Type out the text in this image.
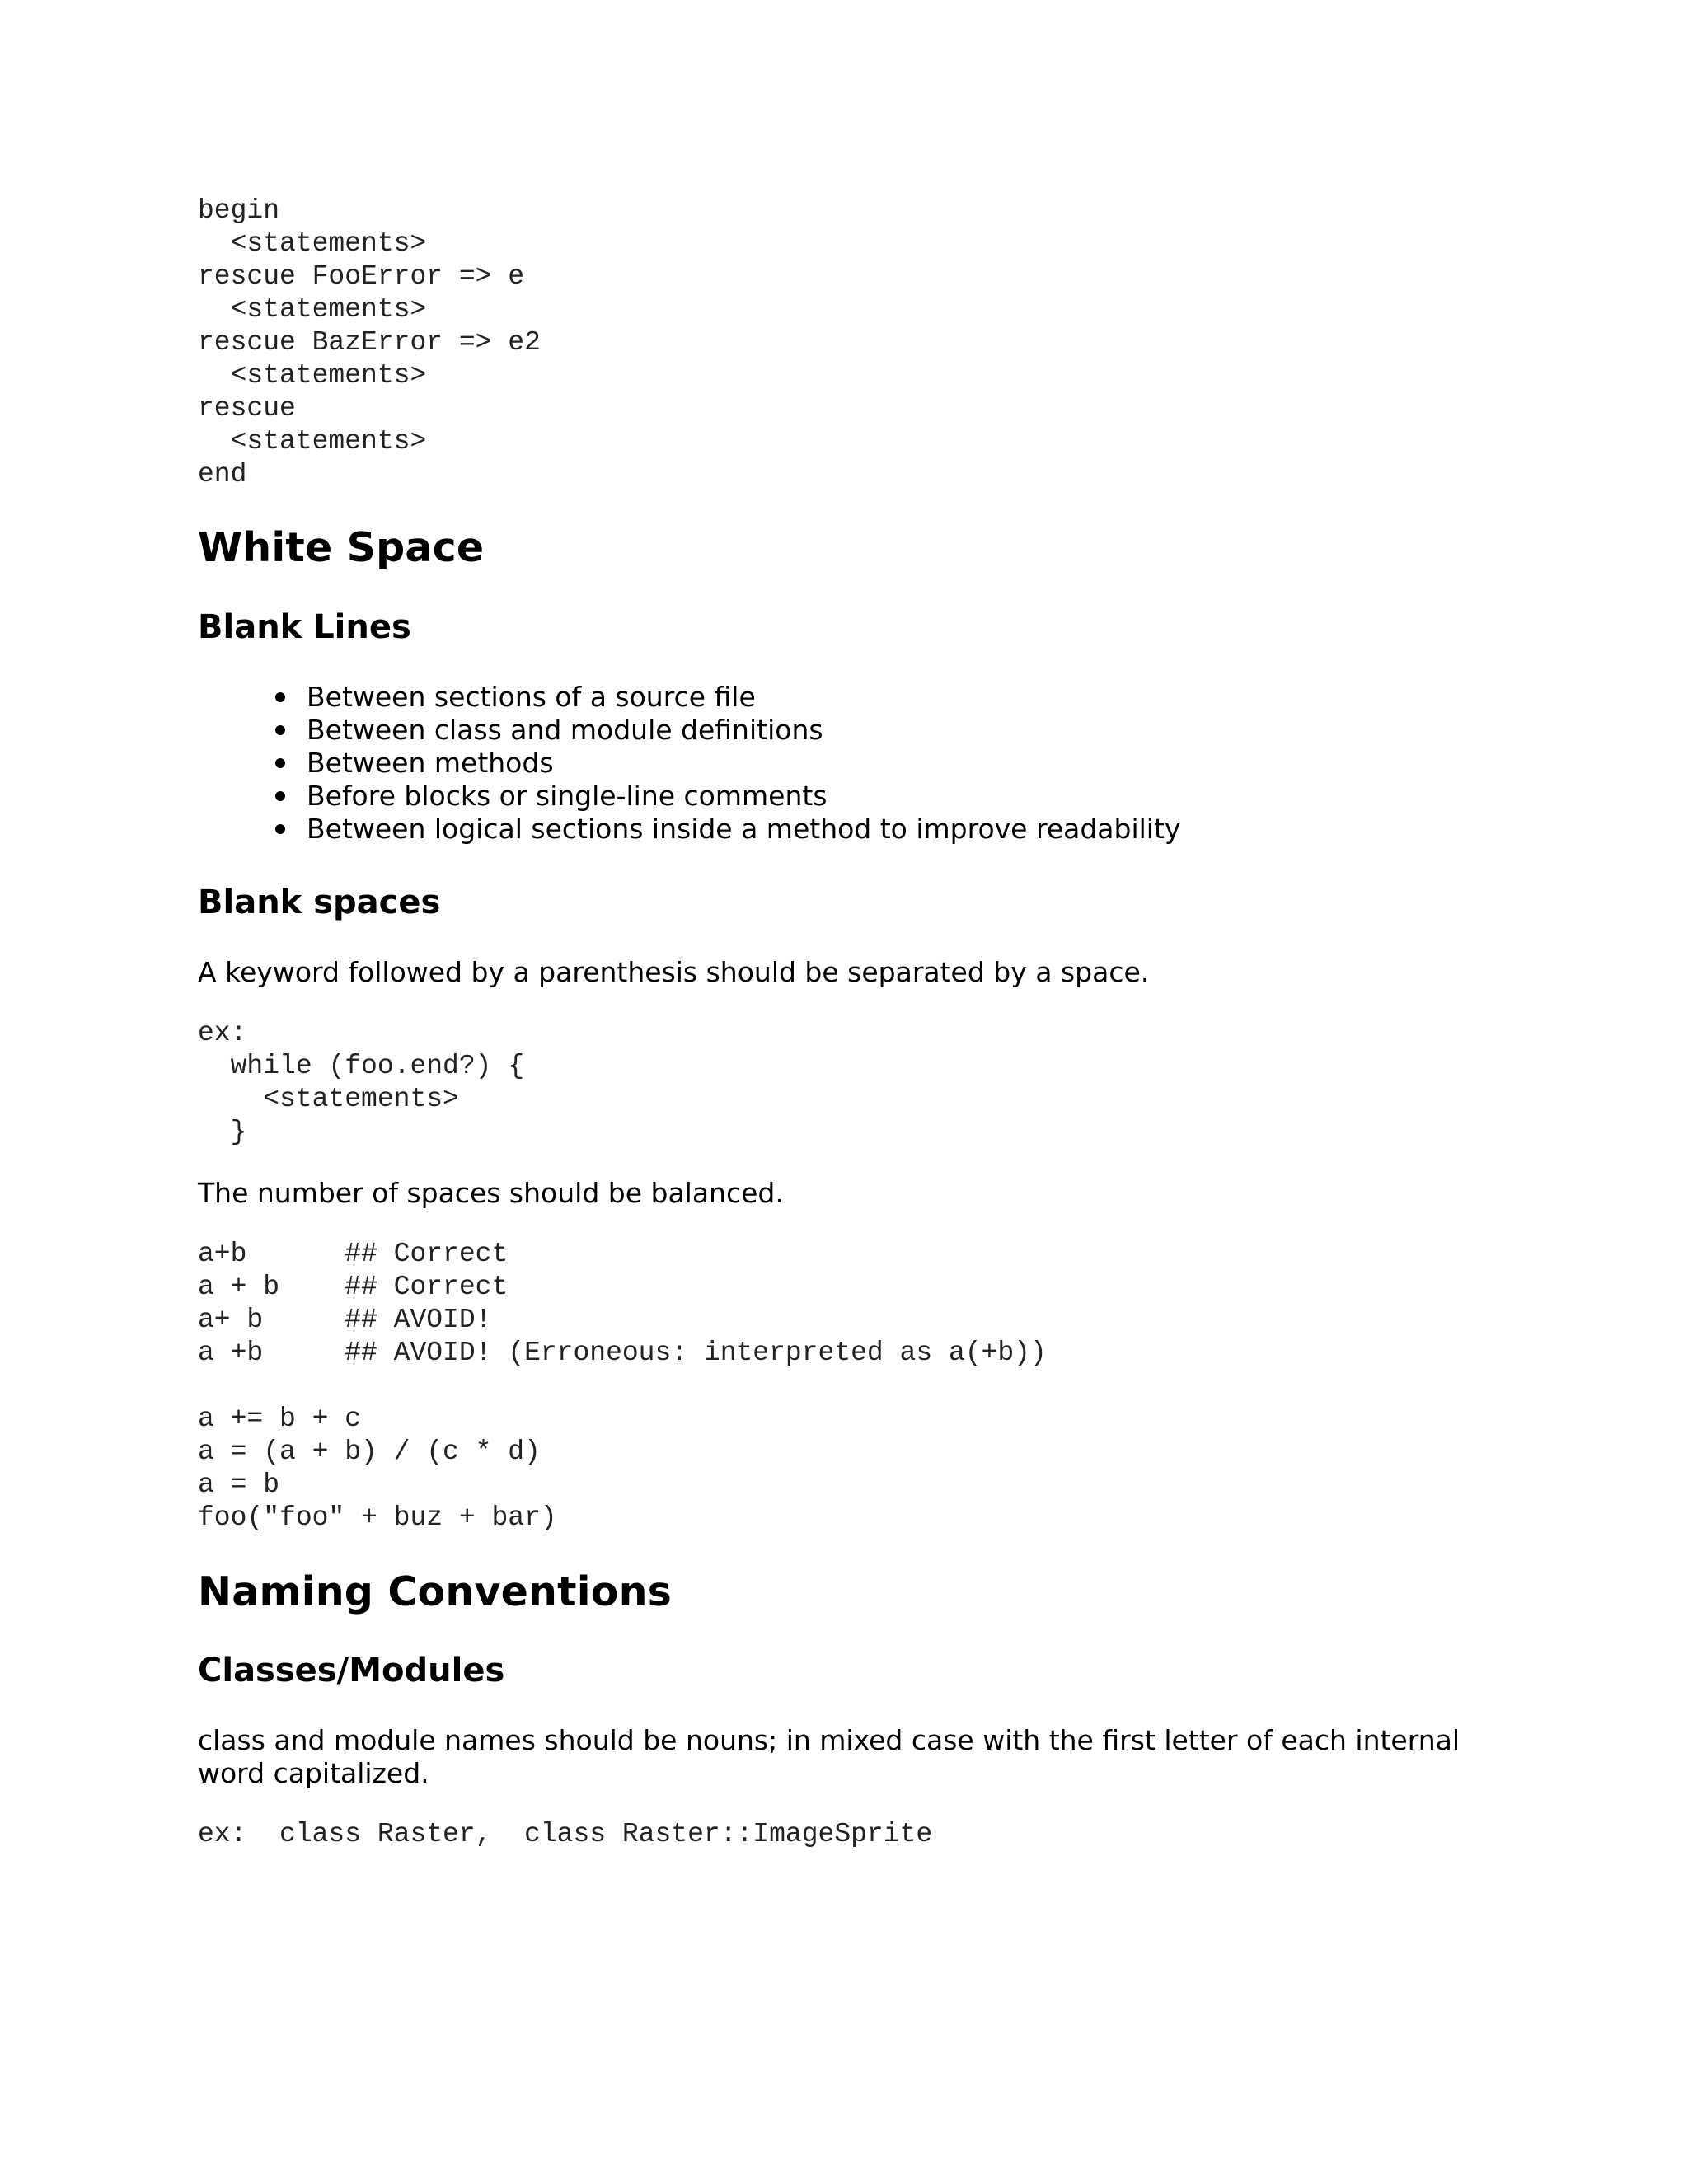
begin
<statements>
rescue FooError => e
<statements>
rescue BazError => e2
<statements>
rescue
<statements>
end
White Space
Blank Lines
Between sections of a source file
Between class and module definitions
Between methods
Before blocks or single-line comments
Between logical sections inside a method to improve readability
Blank spaces

A keyword followed by a parenthesis should be separated by a space.

ex:
while (foo.end?) {
<statements>
}

The number of spaces should be balanced.

a+b      ## Correct
a + b    ## Correct
a+ b     ## AVOID!
a +b     ## AVOID! (Erroneous: interpreted as a(+b))

a += b + c
a = (a + b) / (c * d)
a = b
foo("foo" + buz + bar)
Naming Conventions
Classes/Modules

class and module names should be nouns; in mixed case with the first letter of each internal word capitalized.

ex:  class Raster,  class Raster::ImageSprite
